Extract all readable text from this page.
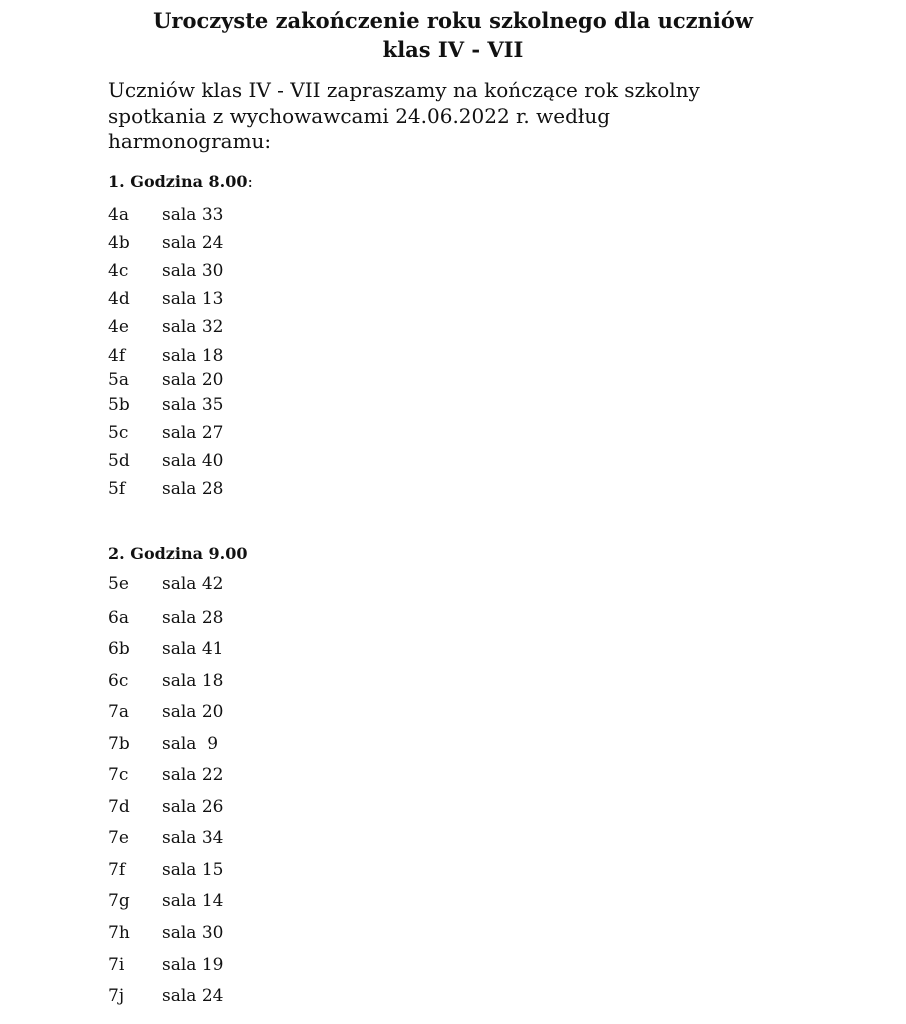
Uroczyste zakończenie roku szkolnego dla uczniów
klas IV - VII

Uczniów klas IV - VII zapraszamy na kończące rok szkolny spotkania z wychowawcami 24.06.2022 r. według harmonogramu:

1. Godzina 8.00:
4a sala 33
4b sala 24
4c sala 30
4d sala 13
4e sala 32
4f sala 18
5a sala 20
5b sala 35
5c sala 27
5d sala 40
5f sala 28
2. Godzina 9.00
5e sala 42
6a sala 28
6b sala 41
6c sala 18
7a sala 20
7b sala  9
7c sala 22
7d sala 26
7e sala 34
7f sala 15
7g sala 14
7h sala 30
7i sala 19
7j sala 24
